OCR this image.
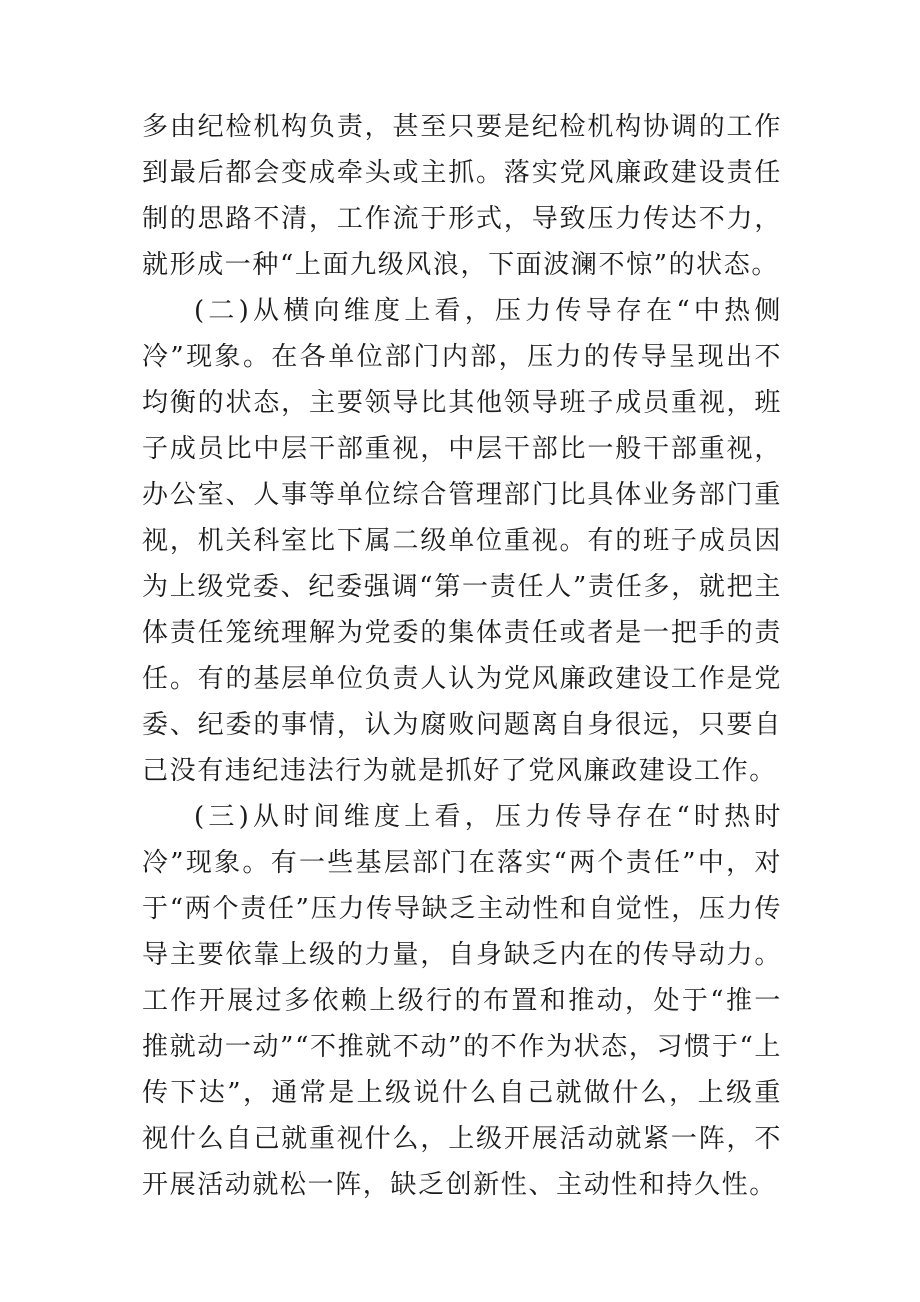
多由纪检机构负责，甚至只要是纪检机构协调的工作到最后都会变成牵头或主抓。落实党风廉政建设责任制的思路不清，工作流于形式，导致压力传达不力，就形成一种“上面九级风浪，下面波澜不惊”的状态。

(二)从横向维度上看，压力传导存在“中热侧冷”现象。在各单位部门内部，压力的传导呈现出不均衡的状态，主要领导比其他领导班子成员重视，班子成员比中层干部重视，中层干部比一般干部重视，办公室、人事等单位综合管理部门比具体业务部门重视，机关科室比下属二级单位重视。有的班子成员因为上级党委、纪委强调“第一责任人”责任多，就把主体责任笼统理解为党委的集体责任或者是一把手的责任。有的基层单位负责人认为党风廉政建设工作是党委、纪委的事情，认为腐败问题离自身很远，只要自己没有违纪违法行为就是抓好了党风廉政建设工作。

(三)从时间维度上看，压力传导存在“时热时冷”现象。有一些基层部门在落实“两个责任”中，对于“两个责任”压力传导缺乏主动性和自觉性，压力传导主要依靠上级的力量，自身缺乏内在的传导动力。工作开展过多依赖上级行的布置和推动，处于“推一推就动一动”“不推就不动”的不作为状态，习惯于“上传下达”，通常是上级说什么自己就做什么，上级重视什么自己就重视什么，上级开展活动就紧一阵，不开展活动就松一阵，缺乏创新性、主动性和持久性。
